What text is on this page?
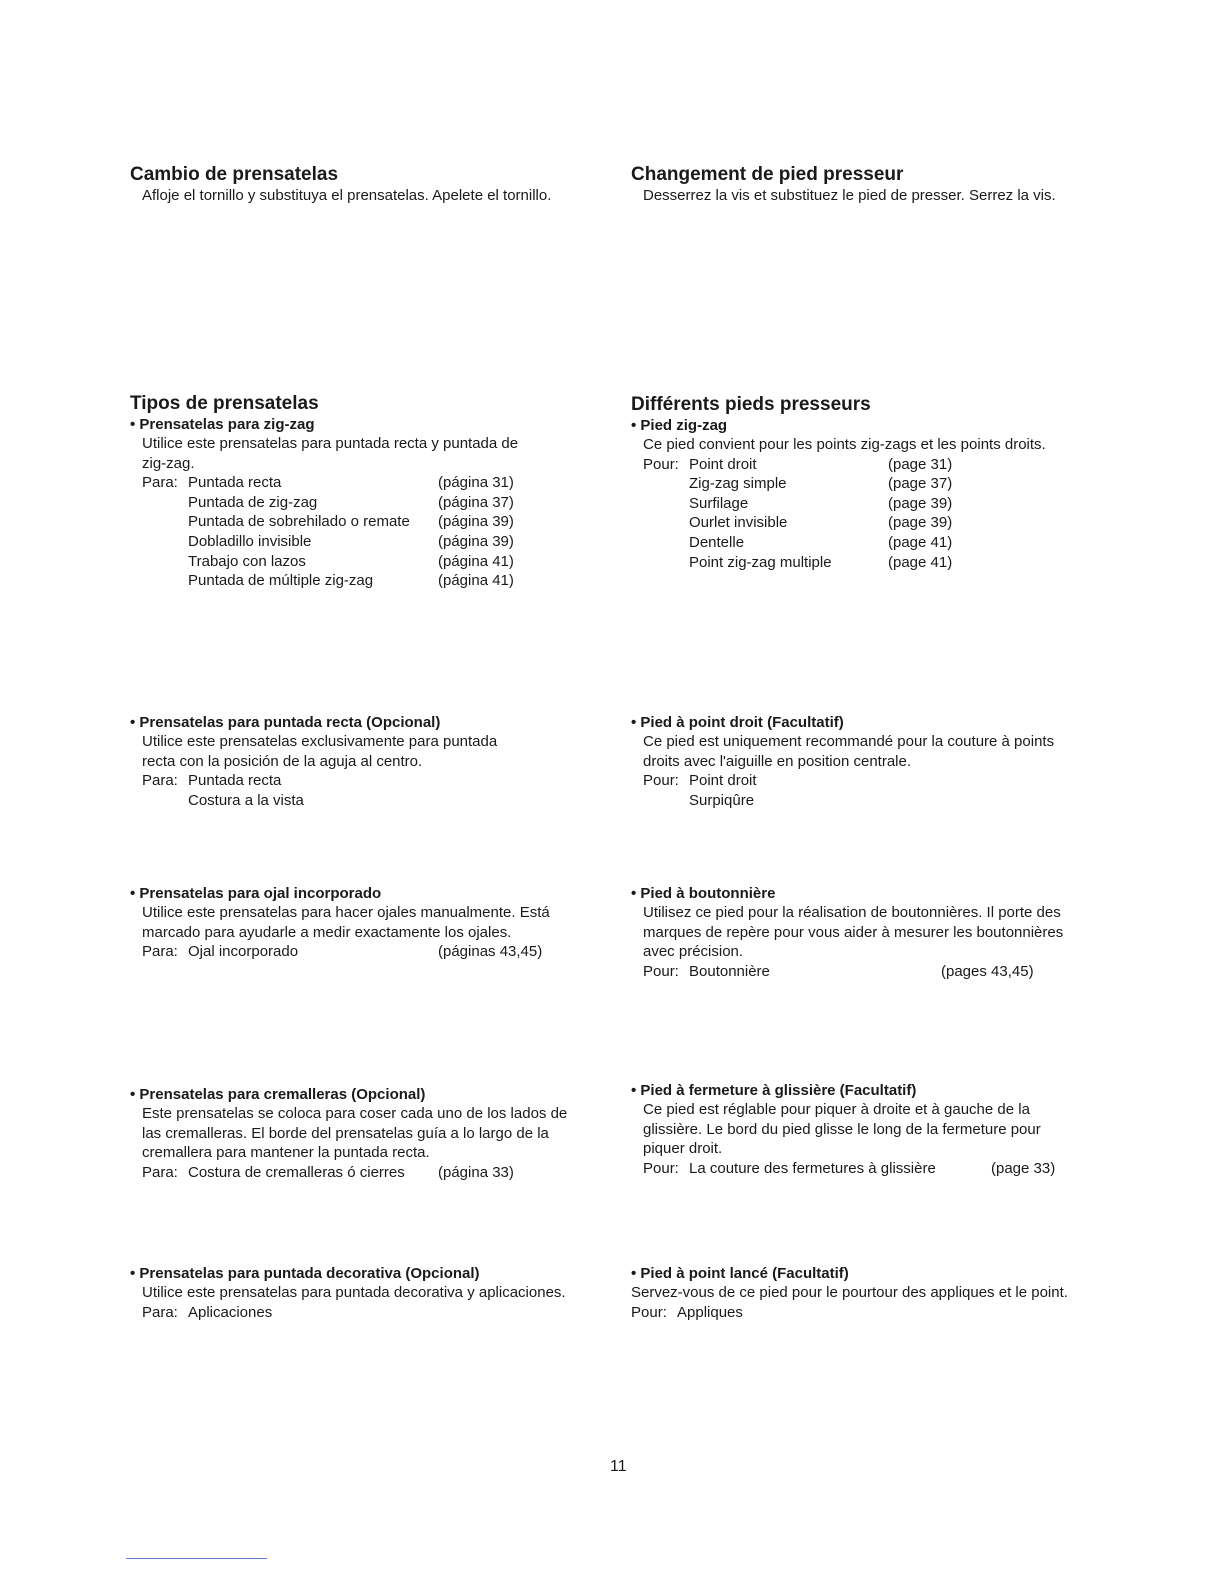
Cambio de prensatelas

Afloje el tornillo y substituya el prensatelas. Apelete el tornillo.

Tipos de prensatelas

• Prensatelas para zig-zag

Utilice este prensatelas para puntada recta y puntada de

zig-zag.

Para: Puntada recta	(página 31)
Puntada de zig-zag	(página 37)
Puntada de sobrehilado o remate (página 39)
Dobladillo invisible	(página 39)
Trabajo con lazos	(página 41)
Puntada de múltiple zig-zag	(página 41)

• Prensatelas para puntada recta (Opcional)

Utilice este prensatelas exclusivamente para puntada

recta con la posición de la aguja al centro.

Para: Puntada recta
Costura a la vista

• Prensatelas para ojal incorporado

Utilice este prensatelas para hacer ojales manualmente. Está

marcado para ayudarle a medir exactamente los ojales.

Para: Ojal incorporado	(páginas 43,45)

• Prensatelas para cremalleras (Opcional)

Este prensatelas se coloca para coser cada uno de los lados de

las cremalleras. El borde del prensatelas guía a lo largo de la

cremallera para mantener la puntada recta.

Para: Costura de cremalleras ó cierres (página 33)

• Prensatelas para puntada decorativa (Opcional)

Utilice este prensatelas para puntada decorativa y aplicaciones.

Para: Aplicaciones
Changement de pied presseur

Desserrez la vis et substituez le pied de presser. Serrez la vis.

Différents pieds presseurs

• Pied zig-zag

Ce pied convient pour les points zig-zags et les points droits.

Pour: Point droit	(page 31)
Zig-zag simple	(page 37)
Surfilage	(page 39)
Ourlet invisible	(page 39)
Dentelle	(page 41)
Point zig-zag multiple	(page 41)

• Pied à point droit (Facultatif)

Ce pied est uniquement recommandé pour la couture à points

droits avec l'aiguille en position centrale.

Pour: Point droit
Surpiqûre

• Pied à boutonnière

Utilisez ce pied pour la réalisation de boutonnières. Il porte des

marques de repère pour vous aider à mesurer les boutonnières

avec précision.

Pour: Boutonnière	(pages 43,45)

• Pied à fermeture à glissière (Facultatif)

Ce pied est réglable pour piquer à droite et à gauche de la

glissière. Le bord du pied glisse le long de la fermeture pour

piquer droit.

Pour: La couture des fermetures à glissière	(page 33)

• Pied à point lancé (Facultatif)

Servez-vous de ce pied pour le pourtour des appliques et le point.

Pour: Appliques
11
